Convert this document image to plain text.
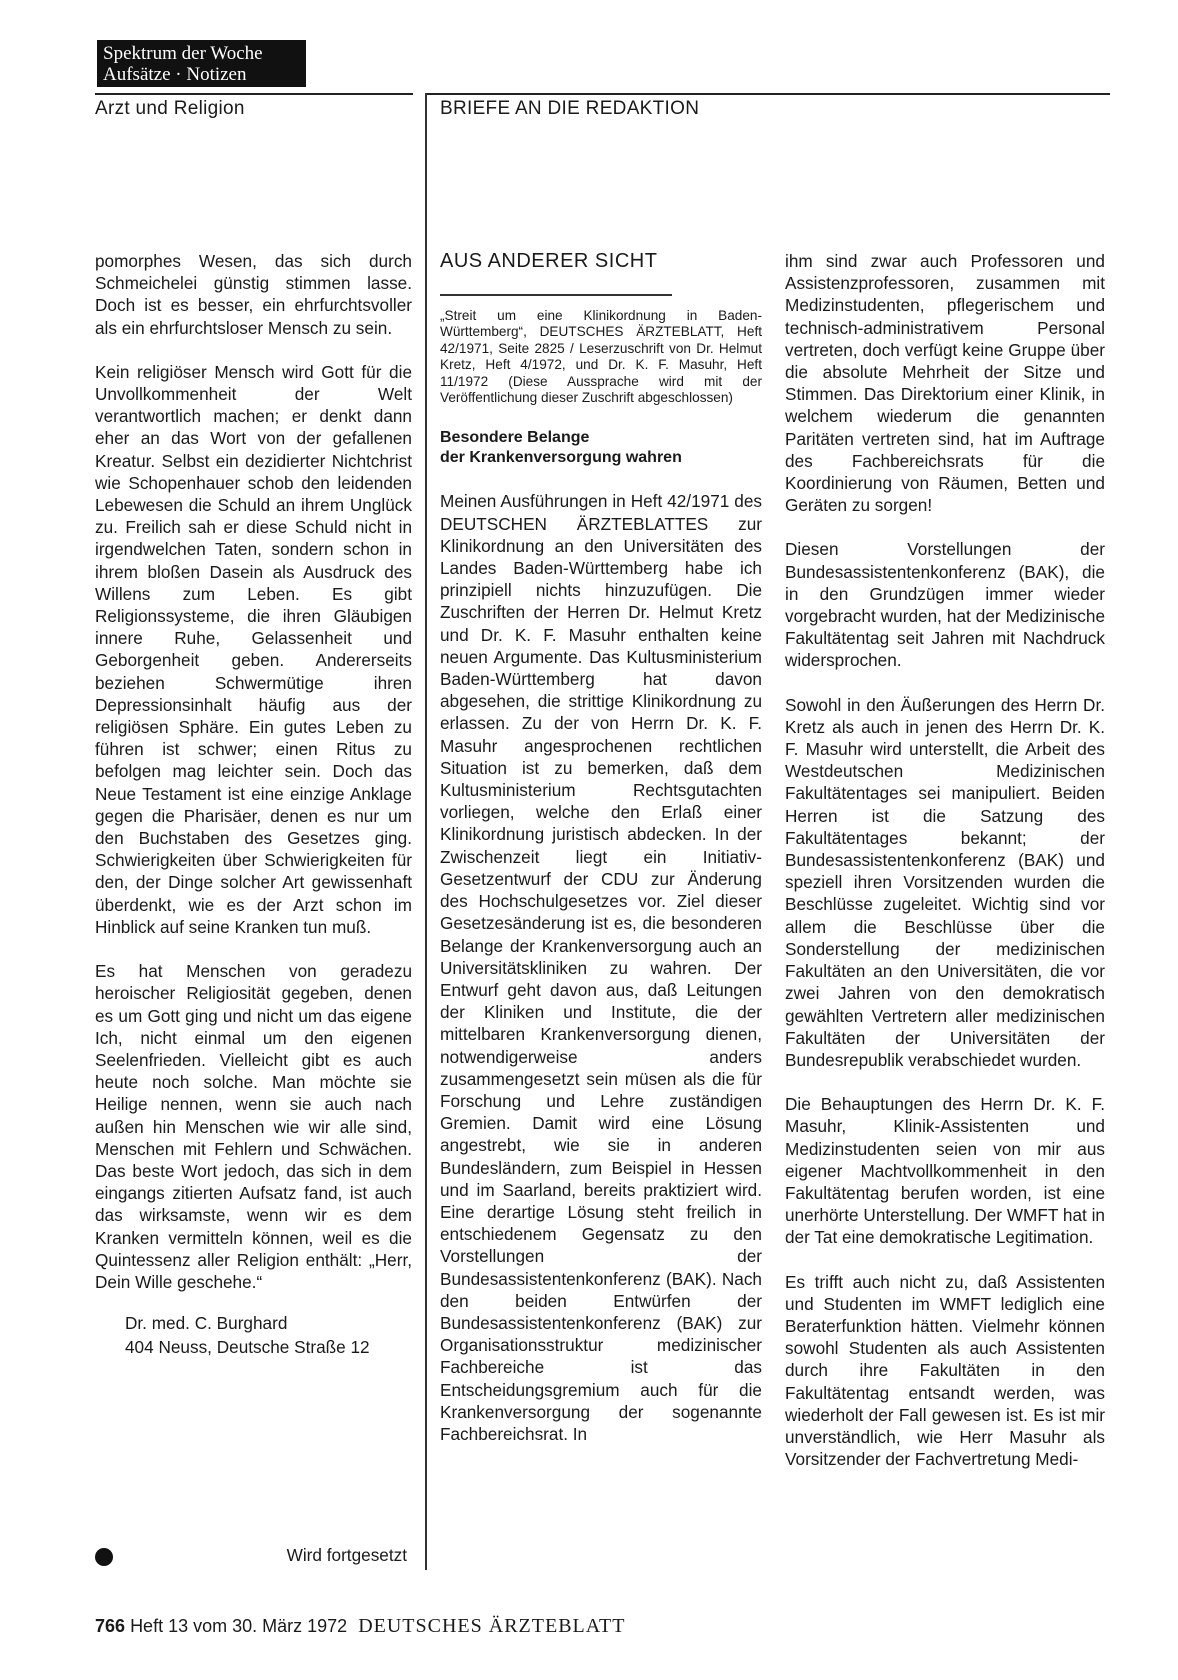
Spektrum der Woche
Aufsätze · Notizen
Arzt und Religion	BRIEFE AN DIE REDAKTION

pomorphes Wesen, das sich durch Schmeichelei günstig stimmen lasse. Doch ist es besser, ein ehrfurchtsvoller als ein ehrfurchtsloser Mensch zu sein.

Kein religiöser Mensch wird Gott für die Unvollkommenheit der Welt verantwortlich machen; er denkt dann eher an das Wort von der gefallenen Kreatur. Selbst ein dezidierter Nichtchrist wie Schopenhauer schob den leidenden Lebewesen die Schuld an ihrem Unglück zu. Freilich sah er diese Schuld nicht in irgendwelchen Taten, sondern schon in ihrem bloßen Dasein als Ausdruck des Willens zum Leben. Es gibt Religionssysteme, die ihren Gläubigen innere Ruhe, Gelassenheit und Geborgenheit geben. Andererseits beziehen Schwermütige ihren Depressionsinhalt häufig aus der religiösen Sphäre. Ein gutes Leben zu führen ist schwer; einen Ritus zu befolgen mag leichter sein. Doch das Neue Testament ist eine einzige Anklage gegen die Pharisäer, denen es nur um den Buchstaben des Gesetzes ging. Schwierigkeiten über Schwierigkeiten für den, der Dinge solcher Art gewissenhaft überdenkt, wie es der Arzt schon im Hinblick auf seine Kranken tun muß.

Es hat Menschen von geradezu heroischer Religiosität gegeben, denen es um Gott ging und nicht um das eigene Ich, nicht einmal um den eigenen Seelenfrieden. Vielleicht gibt es auch heute noch solche. Man möchte sie Heilige nennen, wenn sie auch nach außen hin Menschen wie wir alle sind, Menschen mit Fehlern und Schwächen. Das beste Wort jedoch, das sich in dem eingangs zitierten Aufsatz fand, ist auch das wirksamste, wenn wir es dem Kranken vermitteln können, weil es die Quintessenz aller Religion enthält: „Herr, Dein Wille geschehe.“

Dr. med. C. Burghard
404 Neuss, Deutsche Straße 12
Wird fortgesetzt

AUS ANDERER SICHT

„Streit um eine Klinikordnung in Baden-Württemberg“, DEUTSCHES ÄRZTEBLATT, Heft 42/1971, Seite 2825 / Leserzuschrift von Dr. Helmut Kretz, Heft 4/1972, und Dr. K. F. Masuhr, Heft 11/1972 (Diese Aussprache wird mit der Veröffentlichung dieser Zuschrift abgeschlossen)

Besondere Belange
der Krankenversorgung wahren

Meinen Ausführungen in Heft 42/1971 des DEUTSCHEN ÄRZTEBLATTES zur Klinikordnung an den Universitäten des Landes Baden-Württemberg habe ich prinzipiell nichts hinzuzufügen. Die Zuschriften der Herren Dr. Helmut Kretz und Dr. K. F. Masuhr enthalten keine neuen Argumente. Das Kultusministerium Baden-Württemberg hat davon abgesehen, die strittige Klinikordnung zu erlassen. Zu der von Herrn Dr. K. F. Masuhr angesprochenen rechtlichen Situation ist zu bemerken, daß dem Kultusministerium Rechtsgutachten vorliegen, welche den Erlaß einer Klinikordnung juristisch abdecken. In der Zwischenzeit liegt ein Initiativ-Gesetzentwurf der CDU zur Änderung des Hochschulgesetzes vor. Ziel dieser Gesetzesänderung ist es, die besonderen Belange der Krankenversorgung auch an Universitätskliniken zu wahren. Der Entwurf geht davon aus, daß Leitungen der Kliniken und Institute, die der mittelbaren Krankenversorgung dienen, notwendigerweise anders zusammengesetzt sein müsen als die für Forschung und Lehre zuständigen Gremien. Damit wird eine Lösung angestrebt, wie sie in anderen Bundesländern, zum Beispiel in Hessen und im Saarland, bereits praktiziert wird. Eine derartige Lösung steht freilich in entschiedenem Gegensatz zu den Vorstellungen der Bundesassistentenkonferenz (BAK). Nach den beiden Entwürfen der Bundesassistentenkonferenz (BAK) zur Organisationsstruktur medizinischer Fachbereiche ist das Entscheidungsgremium auch für die Krankenversorgung der sogenannte Fachbereichsrat. In

ihm sind zwar auch Professoren und Assistenzprofessoren, zusammen mit Medizinstudenten, pflegerischem und technisch-administrativem Personal vertreten, doch verfügt keine Gruppe über die absolute Mehrheit der Sitze und Stimmen. Das Direktorium einer Klinik, in welchem wiederum die genannten Paritäten vertreten sind, hat im Auftrage des Fachbereichsrats für die Koordinierung von Räumen, Betten und Geräten zu sorgen!

Diesen Vorstellungen der Bundesassistentenkonferenz (BAK), die in den Grundzügen immer wieder vorgebracht wurden, hat der Medizinische Fakultätentag seit Jahren mit Nachdruck widersprochen.

Sowohl in den Äußerungen des Herrn Dr. Kretz als auch in jenen des Herrn Dr. K. F. Masuhr wird unterstellt, die Arbeit des Westdeutschen Medizinischen Fakultätentages sei manipuliert. Beiden Herren ist die Satzung des Fakultätentages bekannt; der Bundesassistentenkonferenz (BAK) und speziell ihren Vorsitzenden wurden die Beschlüsse zugeleitet. Wichtig sind vor allem die Beschlüsse über die Sonderstellung der medizinischen Fakultäten an den Universitäten, die vor zwei Jahren von den demokratisch gewählten Vertretern aller medizinischen Fakultäten der Universitäten der Bundesrepublik verabschiedet wurden.

Die Behauptungen des Herrn Dr. K. F. Masuhr, Klinik-Assistenten und Medizinstudenten seien von mir aus eigener Machtvollkommenheit in den Fakultätentag berufen worden, ist eine unerhörte Unterstellung. Der WMFT hat in der Tat eine demokratische Legitimation.

Es trifft auch nicht zu, daß Assistenten und Studenten im WMFT lediglich eine Beraterfunktion hätten. Vielmehr können sowohl Studenten als auch Assistenten durch ihre Fakultäten in den Fakultätentag entsandt werden, was wiederholt der Fall gewesen ist. Es ist mir unverständlich, wie Herr Masuhr als Vorsitzender der Fachvertretung Medi-

766 Heft 13 vom 30. März 1972 DEUTSCHES ÄRZTEBLATT
